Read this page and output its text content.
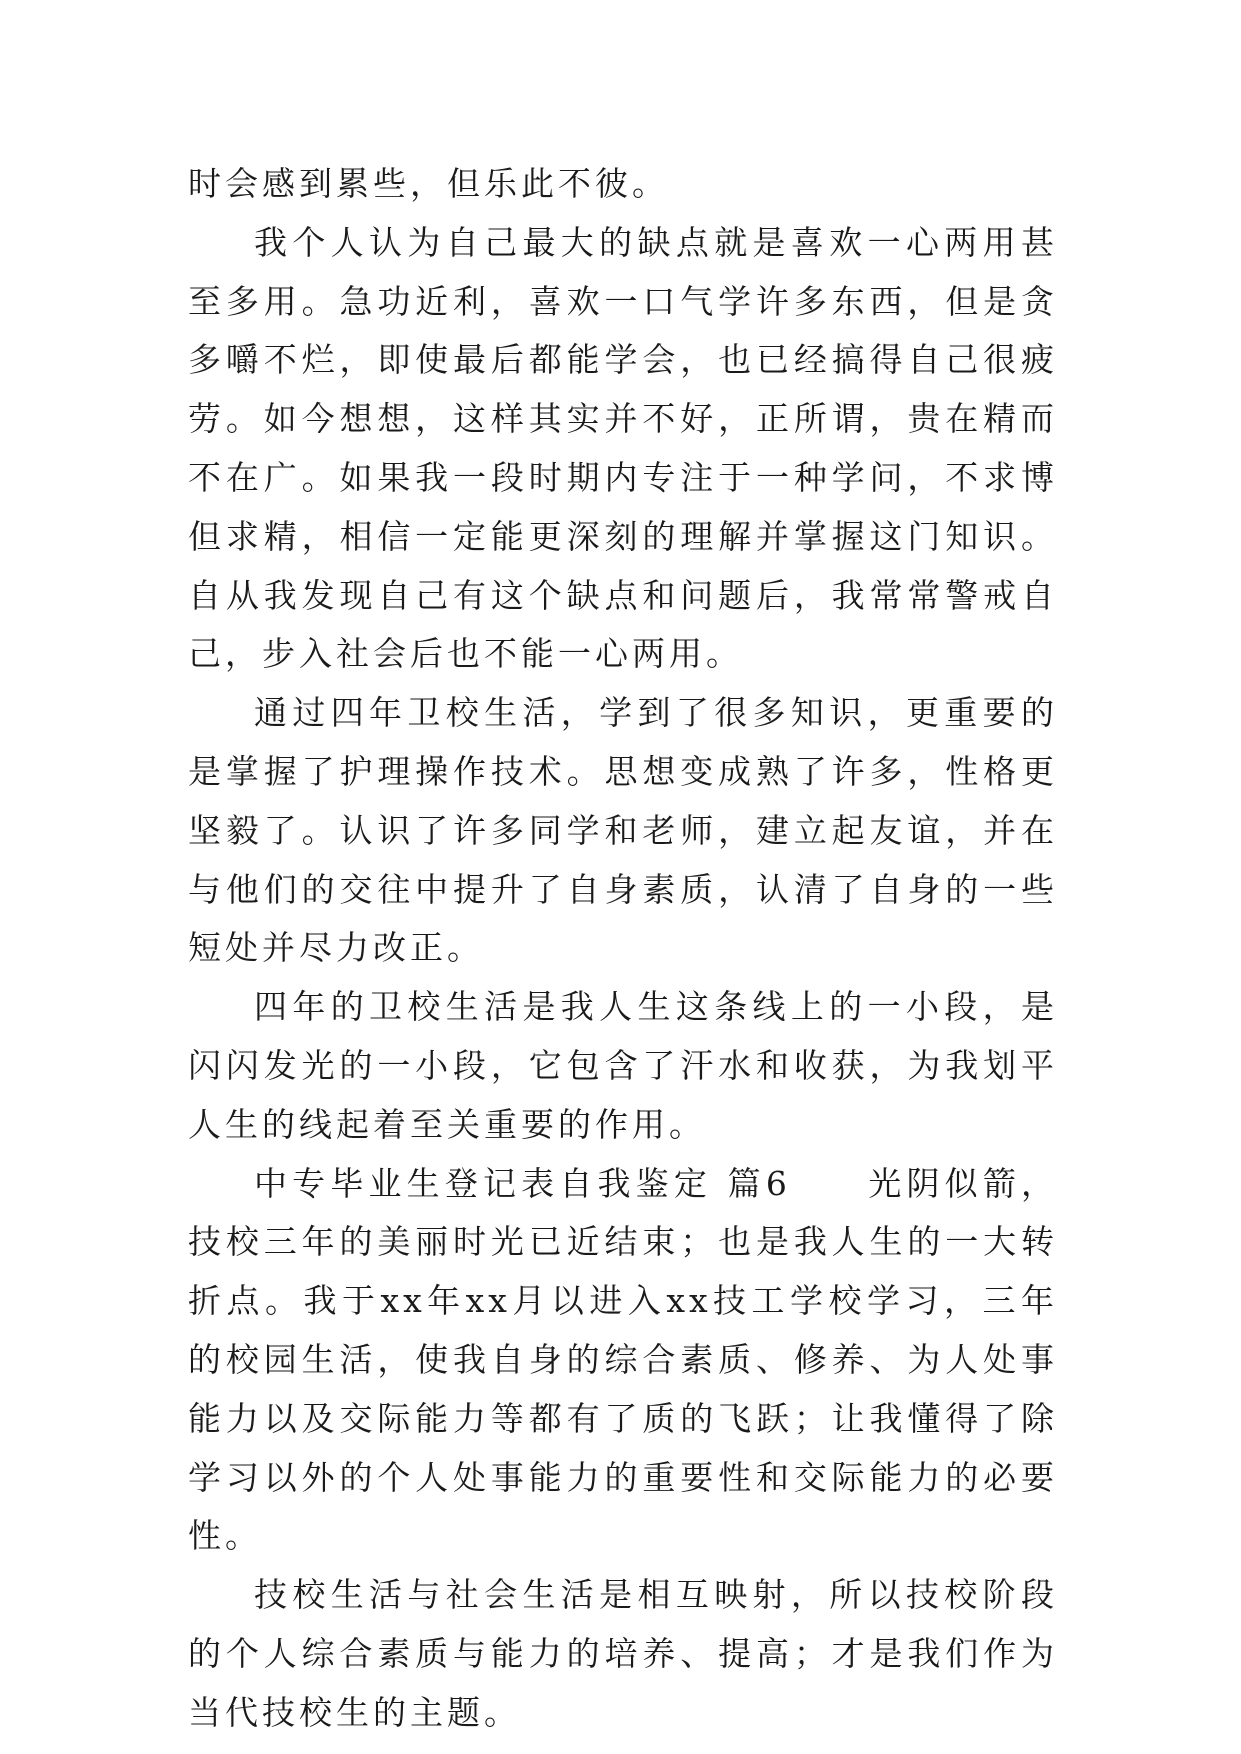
时会感到累些，但乐此不彼。

我个人认为自己最大的缺点就是喜欢一心两用甚至多用。急功近利，喜欢一口气学许多东西，但是贪多嚼不烂，即使最后都能学会，也已经搞得自己很疲劳。如今想想，这样其实并不好，正所谓，贵在精而不在广。如果我一段时期内专注于一种学问，不求博但求精，相信一定能更深刻的理解并掌握这门知识。自从我发现自己有这个缺点和问题后，我常常警戒自己，步入社会后也不能一心两用。

通过四年卫校生活，学到了很多知识，更重要的是掌握了护理操作技术。思想变成熟了许多，性格更坚毅了。认识了许多同学和老师，建立起友谊，并在与他们的交往中提升了自身素质，认清了自身的一些短处并尽力改正。

四年的卫校生活是我人生这条线上的一小段，是闪闪发光的一小段，它包含了汗水和收获，为我划平人生的线起着至关重要的作用。

中专毕业生登记表自我鉴定 篇6　　光阴似箭，技校三年的美丽时光已近结束；也是我人生的一大转折点。我于xx年xx月以进入xx技工学校学习，三年的校园生活，使我自身的综合素质、修养、为人处事能力以及交际能力等都有了质的飞跃；让我懂得了除学习以外的个人处事能力的重要性和交际能力的必要性。

技校生活与社会生活是相互映射，所以技校阶段的个人综合素质与能力的培养、提高；才是我们作为当代技校生的主题。
